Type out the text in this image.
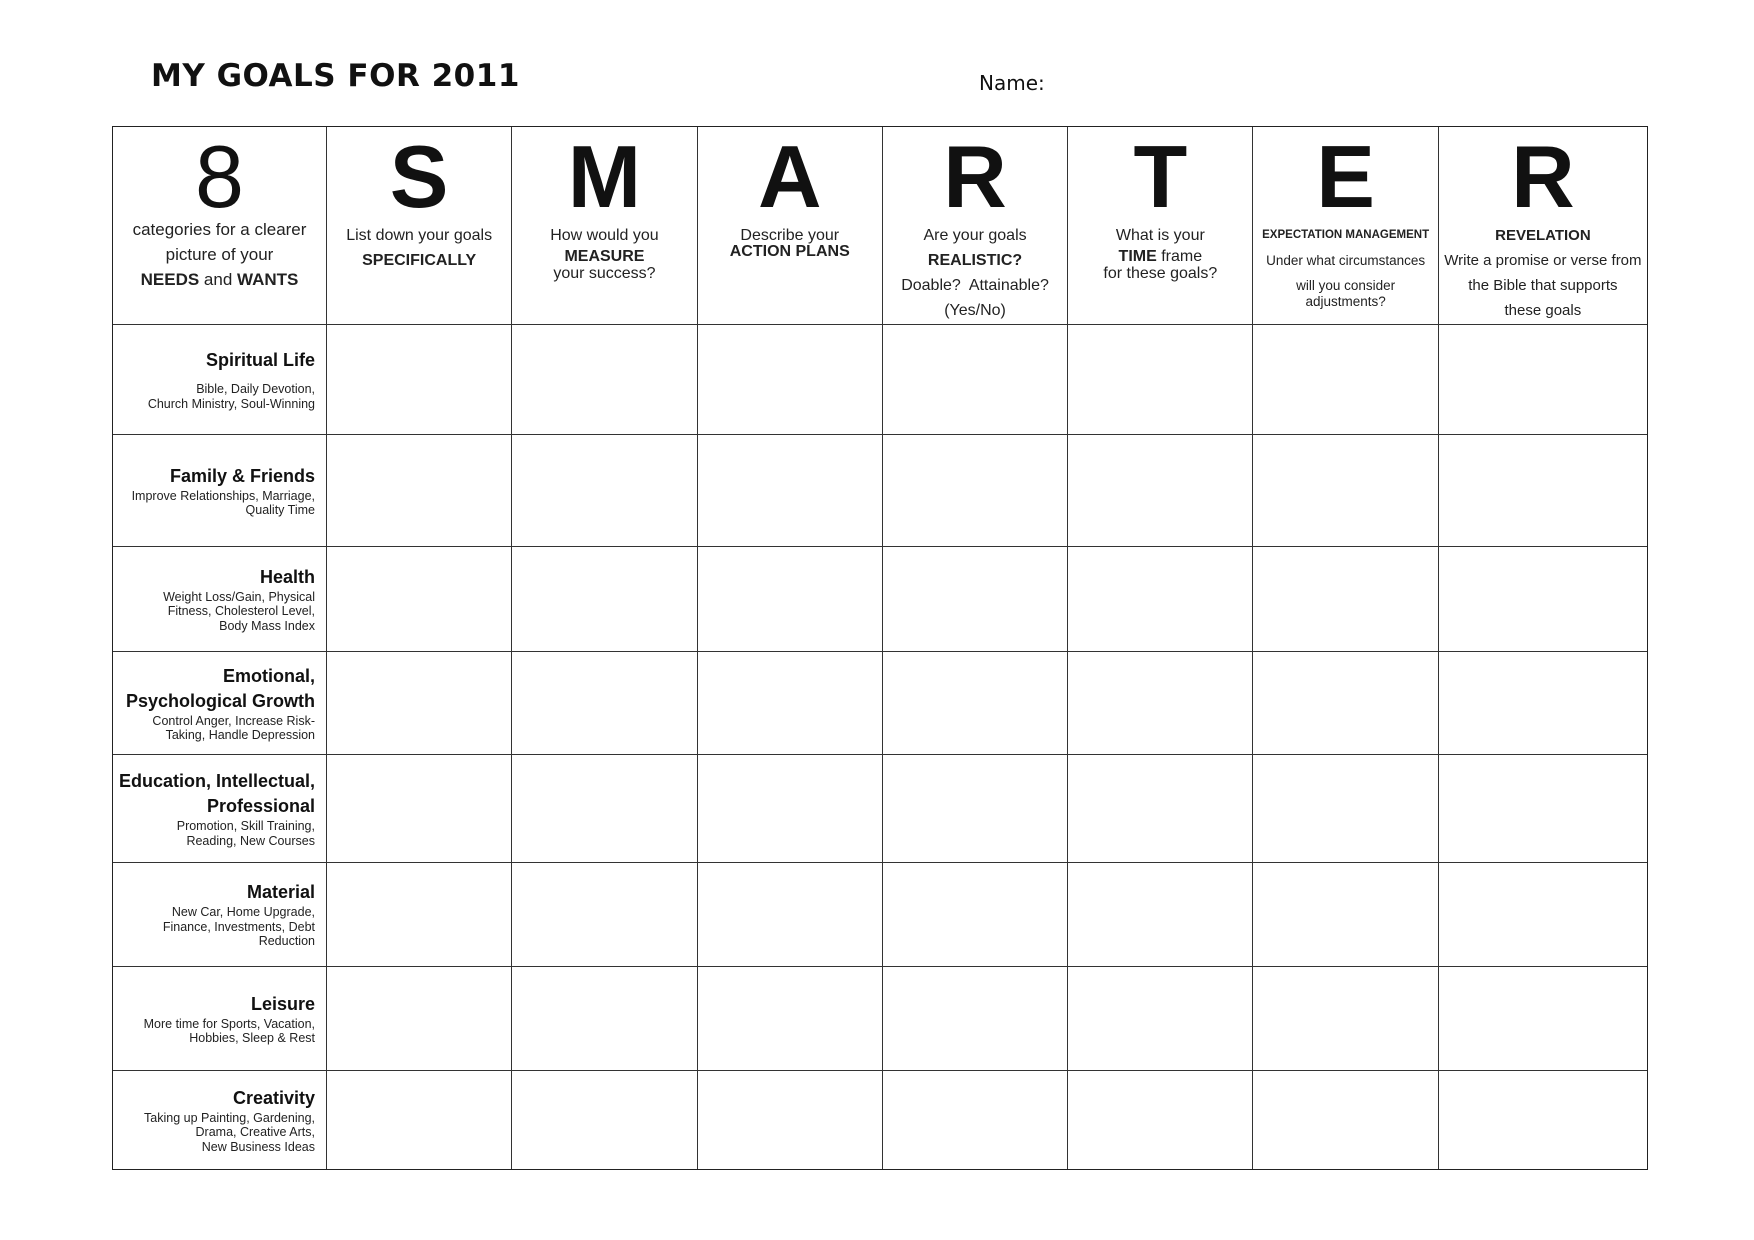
MY GOALS FOR 2011	Name:
8
categories for a clearer
picture of your
NEEDS and WANTS
S
List down your goals
SPECIFICALLY
M
How would you
MEASURE
your success?
A
Describe your
ACTION PLANS
R
Are your goals
REALISTIC?
Doable?  Attainable?
(Yes/No)
T
What is your
TIME frame
for these goals?
E
EXPECTATION MANAGEMENT
Under what circumstances
will you consider
adjustments?
R
REVELATION
Write a promise or verse from
the Bible that supports
these goals
Spiritual Life
Bible, Daily Devotion,
Church Ministry, Soul-Winning
Family & Friends
Improve Relationships, Marriage,
Quality Time
Health
Weight Loss/Gain, Physical
Fitness, Cholesterol Level,
Body Mass Index
Emotional,
Psychological Growth
Control Anger, Increase Risk-
Taking, Handle Depression
Education, Intellectual,
Professional
Promotion, Skill Training,
Reading, New Courses
Material
New Car, Home Upgrade,
Finance, Investments, Debt
Reduction
Leisure
More time for Sports, Vacation,
Hobbies, Sleep & Rest
Creativity
Taking up Painting, Gardening,
Drama, Creative Arts,
New Business Ideas
